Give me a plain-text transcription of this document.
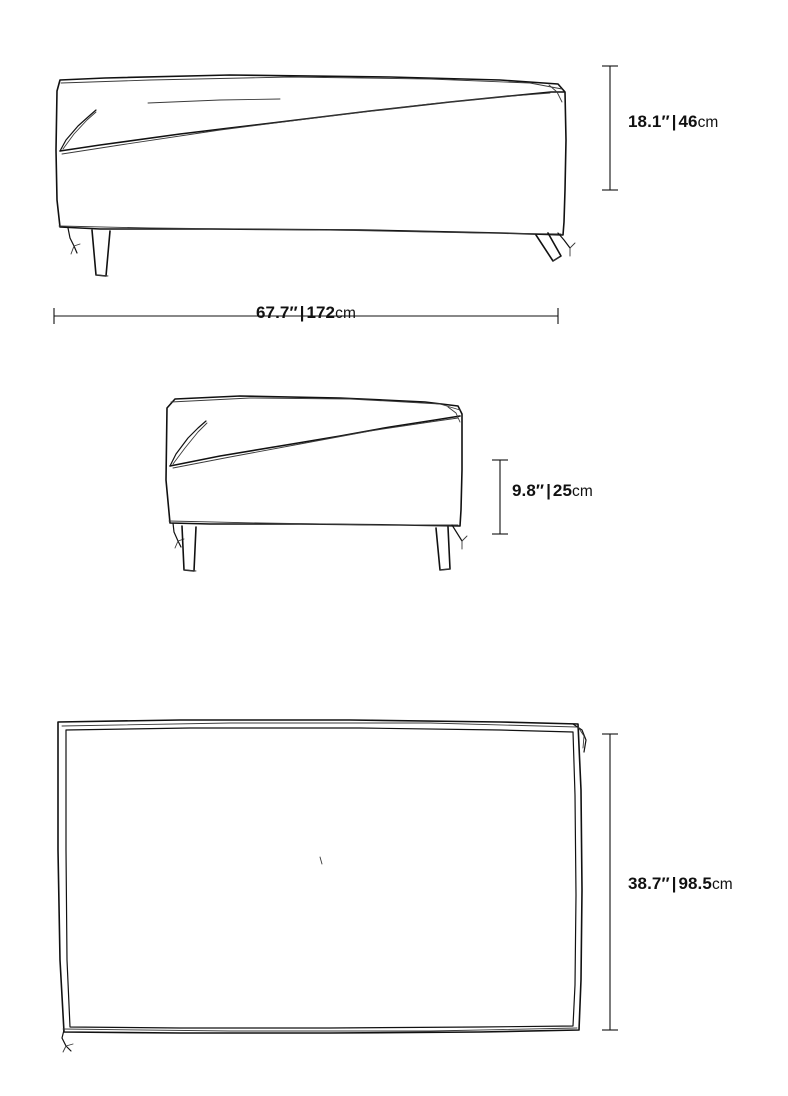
18.1″ | 46cm
67.7″ | 172cm
9.8″ | 25cm
38.7″ | 98.5cm
